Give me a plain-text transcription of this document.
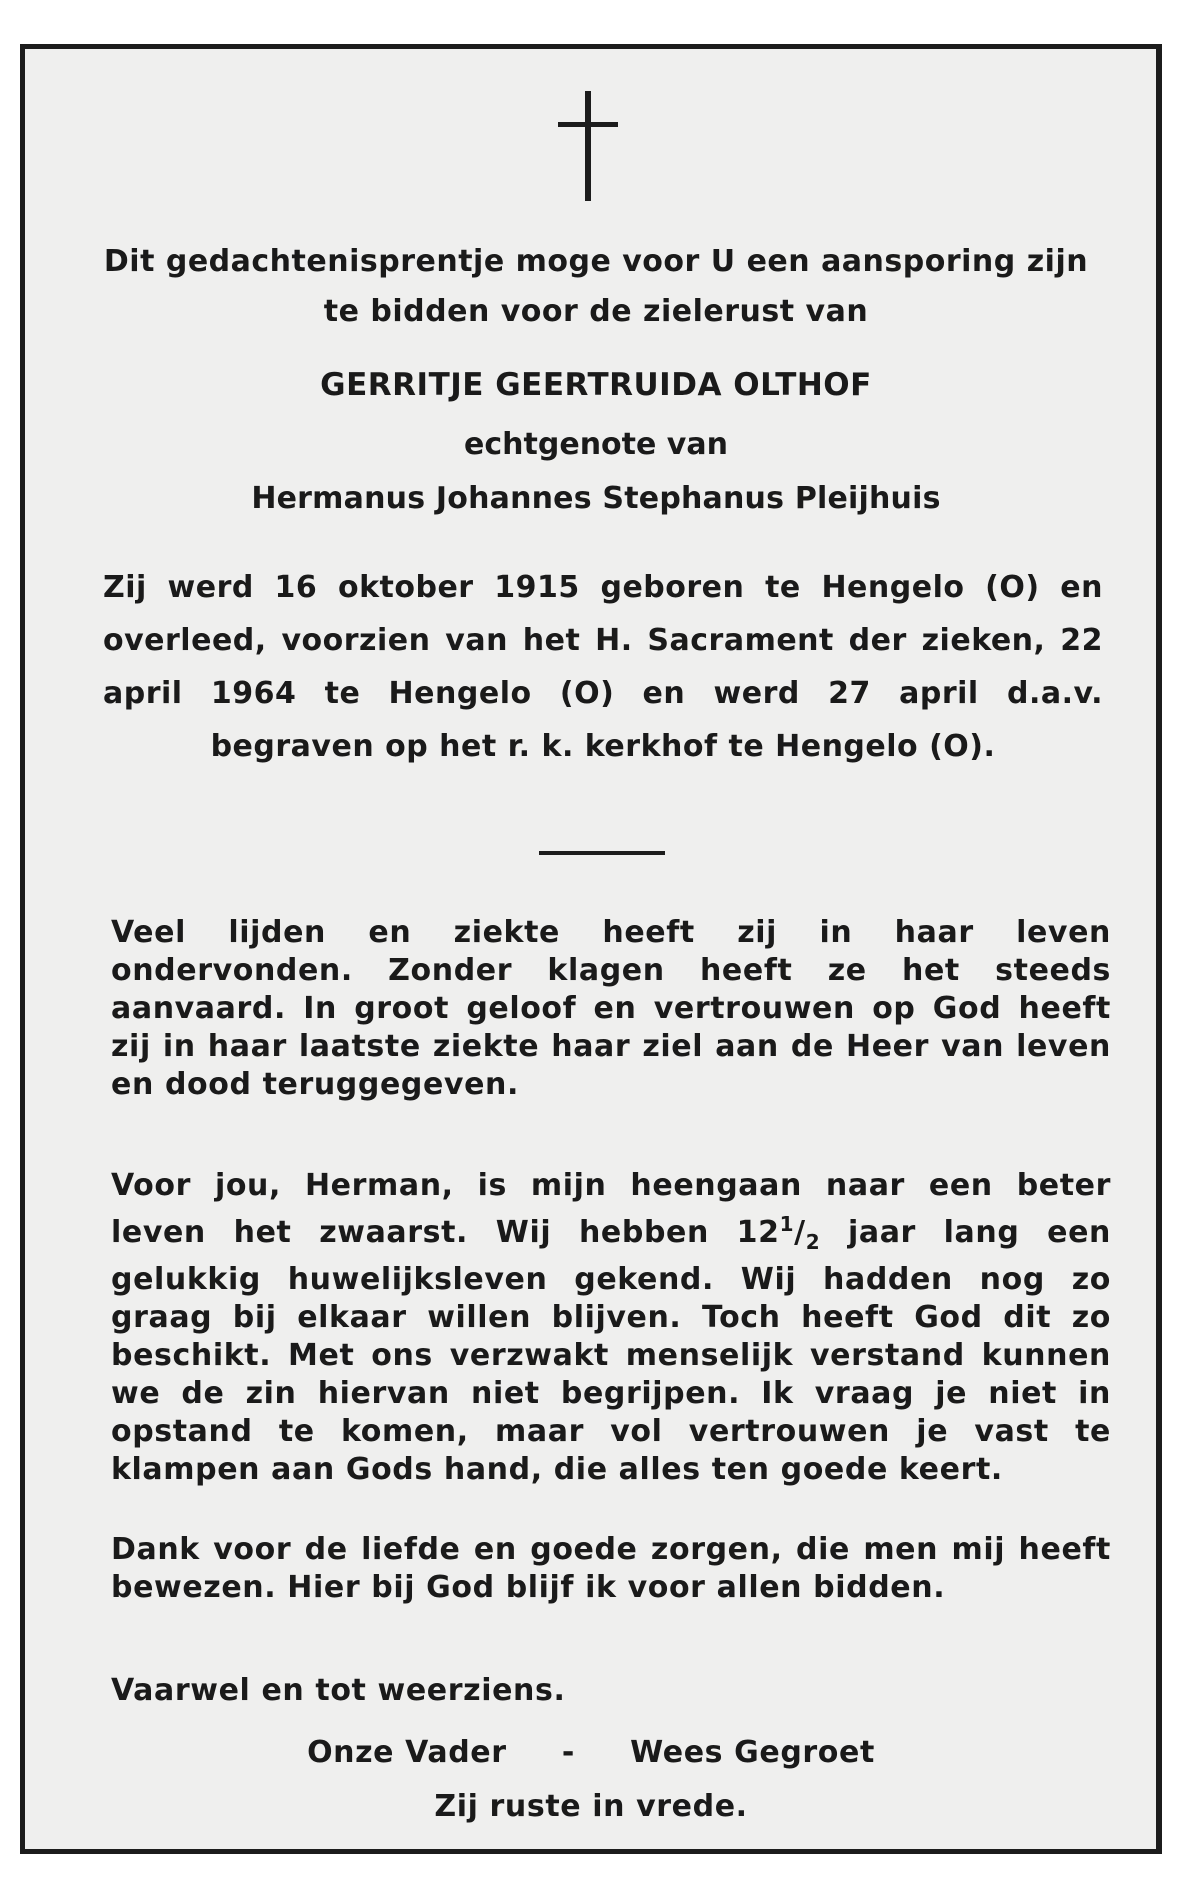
Dit gedachtenisprentje moge voor U een aansporing zijn te bidden voor de zielerust van
GERRITJE GEERTRUIDA OLTHOF
echtgenote van
Hermanus Johannes Stephanus Pleijhuis
Zij werd 16 oktober 1915 geboren te Hengelo (O) en overleed, voorzien van het H. Sacrament der zieken, 22 april 1964 te Hengelo (O) en werd 27 april d.a.v. begraven op het r. k. kerkhof te Hengelo (O).
Veel lijden en ziekte heeft zij in haar leven ondervonden. Zonder klagen heeft ze het steeds aanvaard. In groot geloof en vertrouwen op God heeft zij in haar laatste ziekte haar ziel aan de Heer van leven en dood teruggegeven.
Voor jou, Herman, is mijn heengaan naar een beter leven het zwaarst. Wij hebben $12^1/_2$ jaar lang een gelukkig huwelijksleven gekend. Wij hadden nog zo graag bij elkaar willen blijven. Toch heeft God dit zo beschikt. Met ons verzwakt menselijk verstand kunnen we de zin hiervan niet begrijpen. Ik vraag je niet in opstand te komen, maar vol vertrouwen je vast te klampen aan Gods hand, die alles ten goede keert.
Dank voor de liefde en goede zorgen, die men mij heeft bewezen. Hier bij God blijf ik voor allen bidden.
Vaarwel en tot weerziens.
Onze Vader - Wees Gegroet
Zij ruste in vrede.
